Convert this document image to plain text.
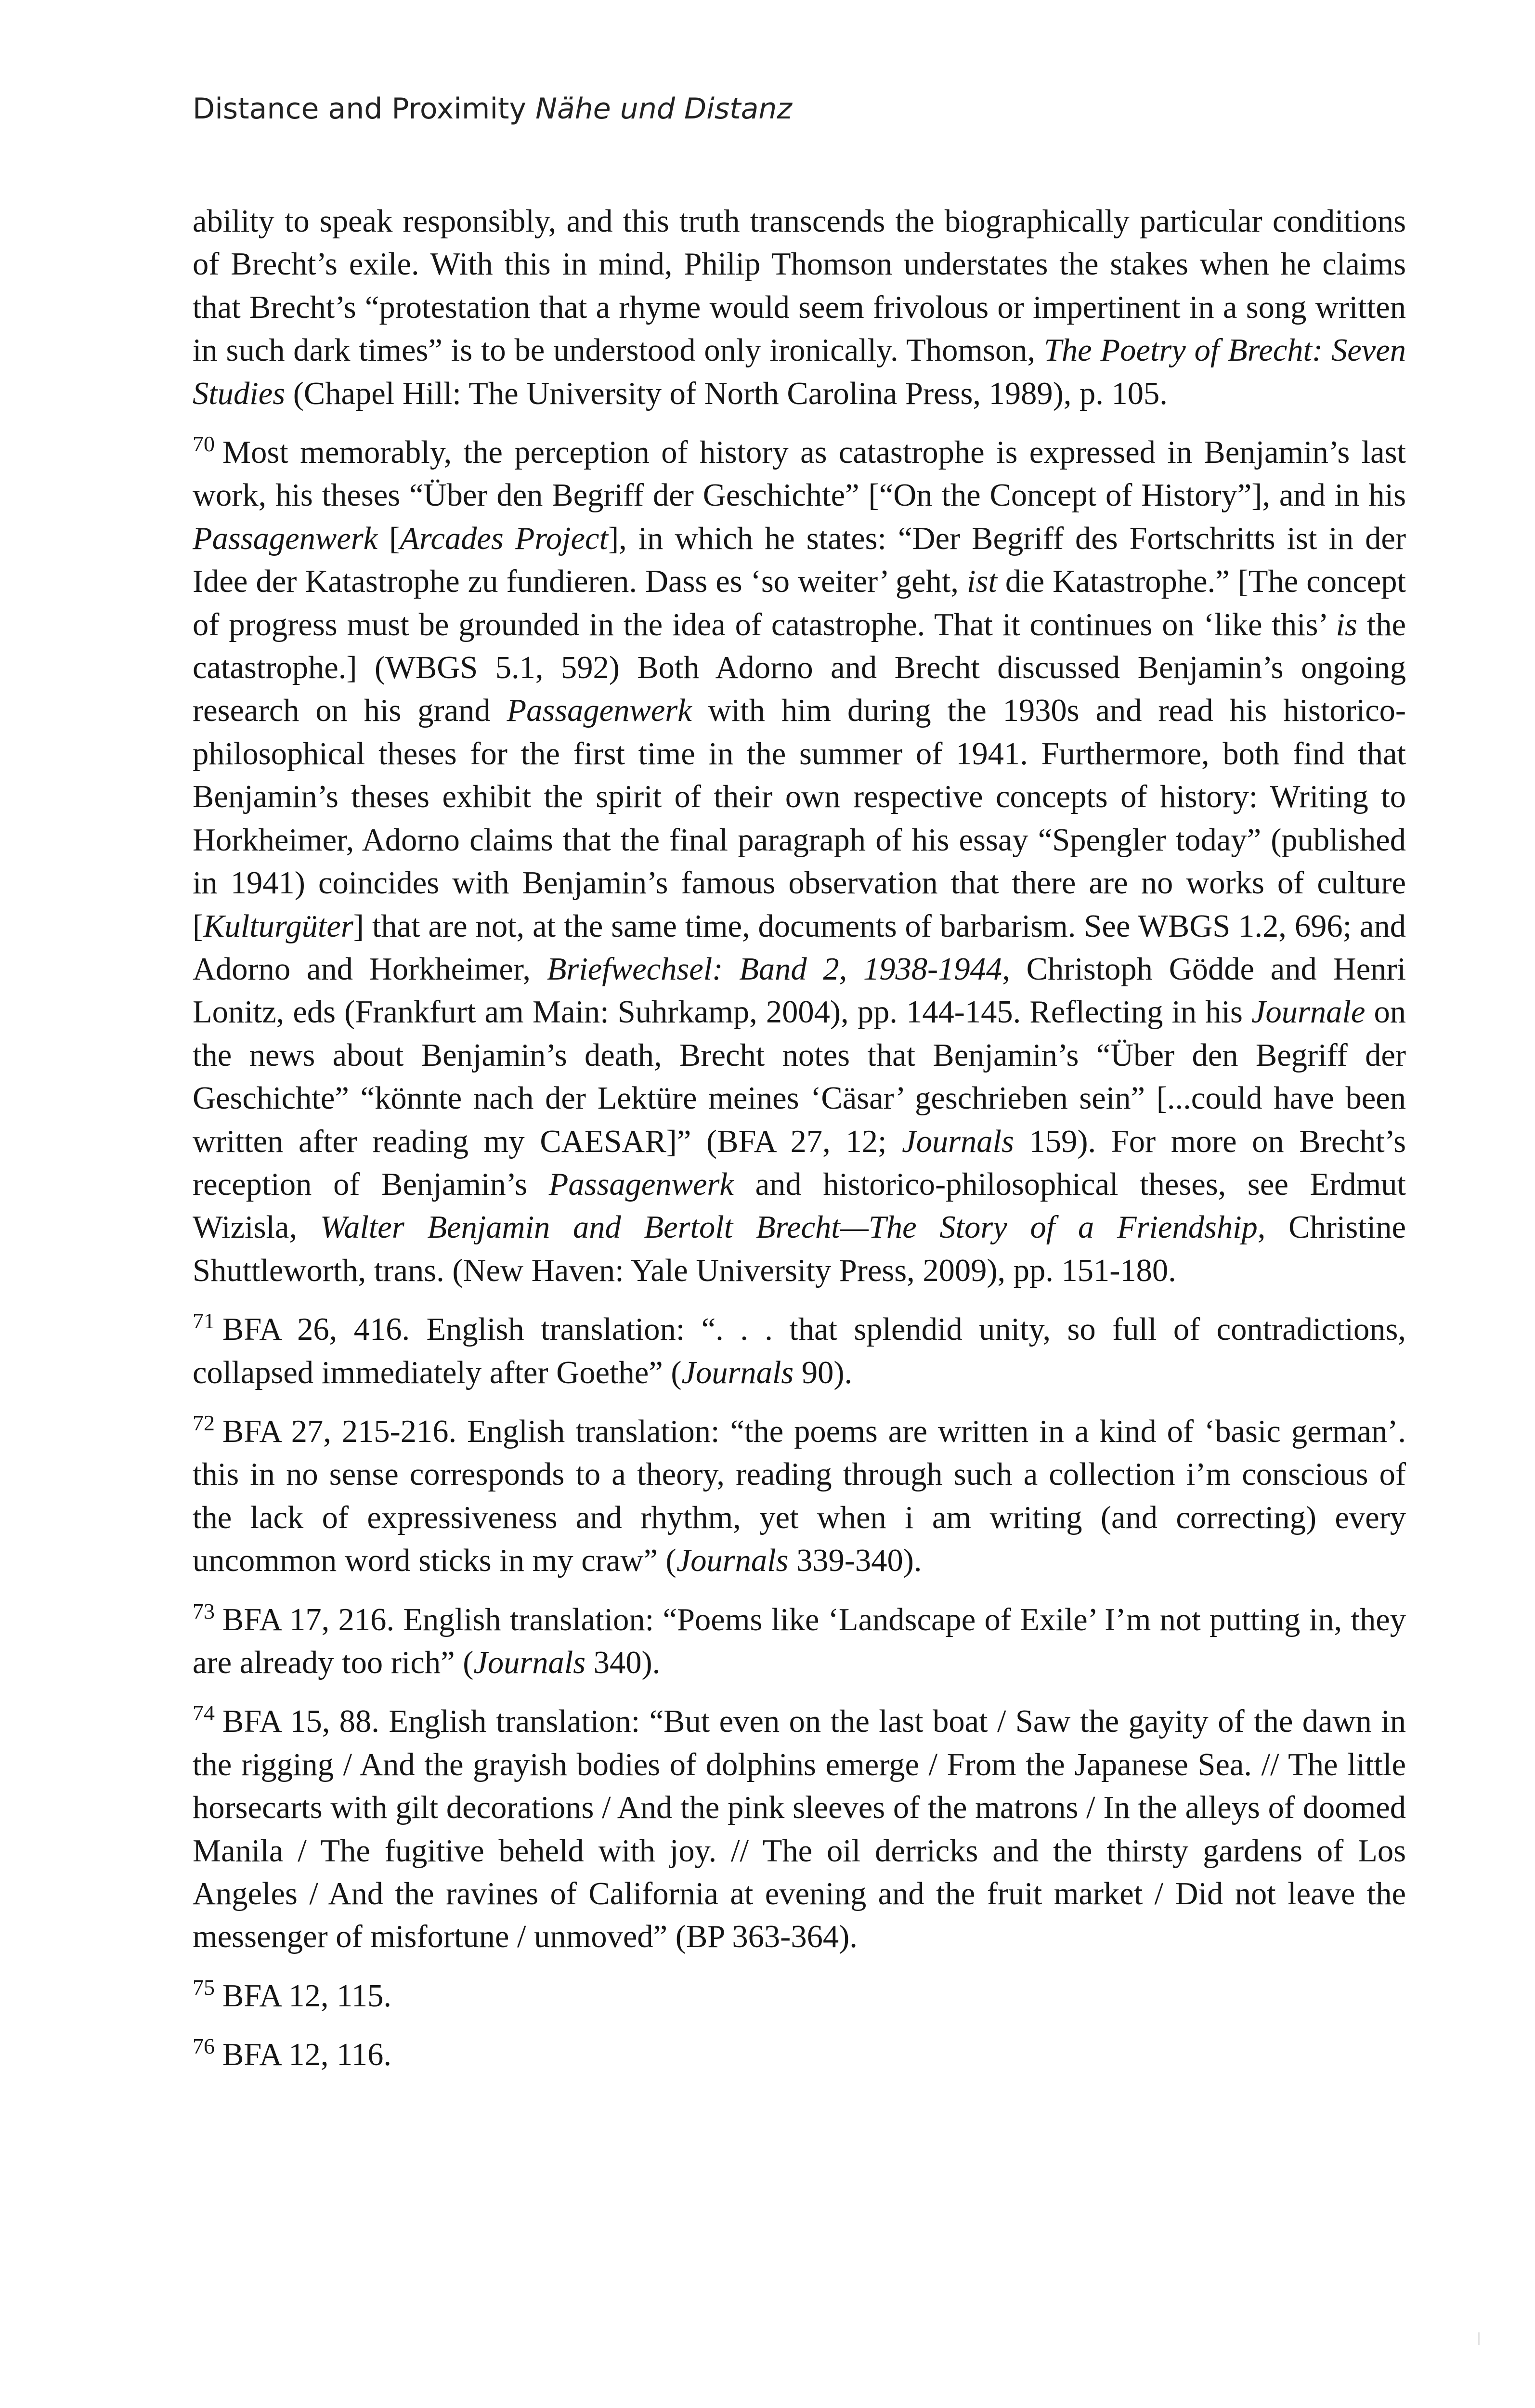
Distance and Proximity Nähe und Distanz

ability to speak responsibly, and this truth transcends the biographically particular conditions of Brecht’s exile. With this in mind, Philip Thomson understates the stakes when he claims that Brecht’s “protestation that a rhyme would seem frivolous or impertinent in a song written in such dark times” is to be understood only ironically. Thomson, The Poetry of Brecht: Seven Studies (Chapel Hill: The University of North Carolina Press, 1989), p. 105.

$^{70}$ Most memorably, the perception of history as catastrophe is expressed in Benjamin’s last work, his theses “Über den Begriff der Geschichte” [“On the Concept of History”], and in his Passagenwerk [Arcades Project], in which he states: “Der Begriff des Fortschritts ist in der Idee der Katastrophe zu fundieren. Dass es ‘so weiter’ geht, ist die Katastrophe.” [The concept of progress must be grounded in the idea of catastrophe. That it continues on ‘like this’ is the catastrophe.] (WBGS 5.1, 592) Both Adorno and Brecht discussed Benjamin’s ongoing research on his grand Passagenwerk with him during the 1930s and read his historico-philosophical theses for the first time in the summer of 1941. Furthermore, both find that Benjamin’s theses exhibit the spirit of their own respective concepts of history: Writing to Horkheimer, Adorno claims that the final paragraph of his essay “Spengler today” (published in 1941) coincides with Benjamin’s famous observation that there are no works of culture [Kulturgüter] that are not, at the same time, documents of barbarism. See WBGS 1.2, 696; and Adorno and Horkheimer, Briefwechsel: Band 2, 1938-1944, Christoph Gödde and Henri Lonitz, eds (Frankfurt am Main: Suhrkamp, 2004), pp. 144-145. Reflecting in his Journale on the news about Benjamin’s death, Brecht notes that Benjamin’s “Über den Begriff der Geschichte” “könnte nach der Lektüre meines ‘Cäsar’ geschrieben sein” [...could have been written after reading my CAESAR]” (BFA 27, 12; Journals 159). For more on Brecht’s reception of Benjamin’s Passagenwerk and historico-philosophical theses, see Erdmut Wizisla, Walter Benjamin and Bertolt Brecht—The Story of a Friendship, Christine Shuttleworth, trans. (New Haven: Yale University Press, 2009), pp. 151-180.

$^{71}$ BFA 26, 416. English translation: “. . . that splendid unity, so full of contradictions, collapsed immediately after Goethe” (Journals 90).

$^{72}$ BFA 27, 215-216. English translation: “the poems are written in a kind of ‘basic german’. this in no sense corresponds to a theory, reading through such a collection i’m conscious of the lack of expressiveness and rhythm, yet when i am writing (and correcting) every uncommon word sticks in my craw” (Journals 339-340).

$^{73}$ BFA 17, 216. English translation: “Poems like ‘Landscape of Exile’ I’m not putting in, they are already too rich” (Journals 340).

$^{74}$ BFA 15, 88. English translation: “But even on the last boat / Saw the gayity of the dawn in the rigging / And the grayish bodies of dolphins emerge / From the Japanese Sea. // The little horsecarts with gilt decorations / And the pink sleeves of the matrons / In the alleys of doomed Manila / The fugitive beheld with joy. // The oil derricks and the thirsty gardens of Los Angeles / And the ravines of California at evening and the fruit market / Did not leave the messenger of misfortune / unmoved” (BP 363-364).

$^{75}$ BFA 12, 115.

$^{76}$ BFA 12, 116.
